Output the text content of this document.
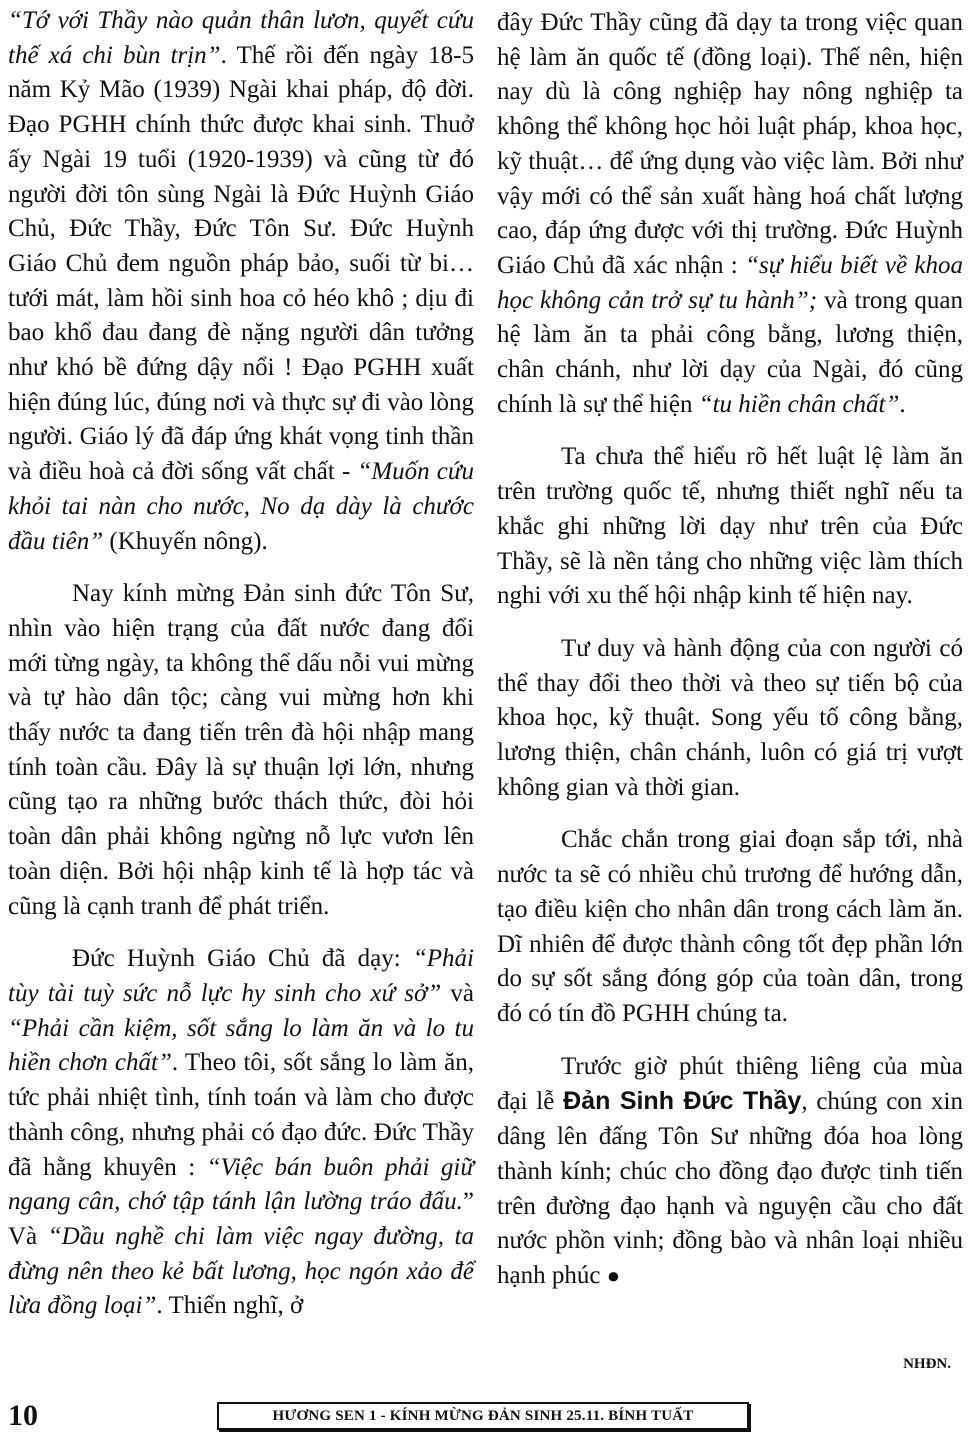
“Tớ với Thầy nào quản thân lươn, quyết cứu thế xá chi bùn trịn”. Thế rồi đến ngày 18-5 năm Kỷ Mão (1939) Ngài khai pháp, độ đời. Đạo PGHH chính thức được khai sinh. Thuở ấy Ngài 19 tuổi (1920-1939) và cũng từ đó người đời tôn sùng Ngài là Đức Huỳnh Giáo Chủ, Đức Thầy, Đức Tôn Sư. Đức Huỳnh Giáo Chủ đem nguồn pháp bảo, suối từ bi… tưới mát, làm hồi sinh hoa cỏ héo khô ; dịu đi bao khổ đau đang đè nặng người dân tưởng như khó bề đứng dậy nổi ! Đạo PGHH xuất hiện đúng lúc, đúng nơi và thực sự đi vào lòng người. Giáo lý đã đáp ứng khát vọng tinh thần và điều hoà cả đời sống vất chất - “Muốn cứu khỏi tai nàn cho nước, No dạ dày là chước đầu tiên” (Khuyến nông).

Nay kính mừng Đản sinh đức Tôn Sư, nhìn vào hiện trạng của đất nước đang đổi mới từng ngày, ta không thể dấu nỗi vui mừng và tự hào dân tộc; càng vui mừng hơn khi thấy nước ta đang tiến trên đà hội nhập mang tính toàn cầu. Đây là sự thuận lợi lớn, nhưng cũng tạo ra những bước thách thức, đòi hỏi toàn dân phải không ngừng nỗ lực vươn lên toàn diện. Bởi hội nhập kinh tế là hợp tác và cũng là cạnh tranh để phát triển.

Đức Huỳnh Giáo Chủ đã dạy: “Phải tùy tài tuỳ sức nỗ lực hy sinh cho xứ sở” và “Phải cần kiệm, sốt sắng lo làm ăn và lo tu hiền chơn chất”. Theo tôi, sốt sắng lo làm ăn, tức phải nhiệt tình, tính toán và làm cho được thành công, nhưng phải có đạo đức. Đức Thầy đã hằng khuyên : “Việc bán buôn phải giữ ngang cân, chớ tập tánh lận lường tráo đấu.” Và “Dầu nghề chi làm việc ngay đường, ta đừng nên theo kẻ bất lương, học ngón xảo để lừa đồng loại”. Thiển nghĩ, ở

đây Đức Thầy cũng đã dạy ta trong việc quan hệ làm ăn quốc tế (đồng loại). Thế nên, hiện nay dù là công nghiệp hay nông nghiệp ta không thể không học hỏi luật pháp, khoa học, kỹ thuật… để ứng dụng vào việc làm. Bởi như vậy mới có thể sản xuất hàng hoá chất lượng cao, đáp ứng được với thị trường. Đức Huỳnh Giáo Chủ đã xác nhận : “sự hiểu biết về khoa học không cản trở sự tu hành”; và trong quan hệ làm ăn ta phải công bằng, lương thiện, chân chánh, như lời dạy của Ngài, đó cũng chính là sự thể hiện “tu hiền chân chất”.

Ta chưa thể hiểu rõ hết luật lệ làm ăn trên trường quốc tế, nhưng thiết nghĩ nếu ta khắc ghi những lời dạy như trên của Đức Thầy, sẽ là nền tảng cho những việc làm thích nghi với xu thế hội nhập kinh tế hiện nay.

Tư duy và hành động của con người có thể thay đổi theo thời và theo sự tiến bộ của khoa học, kỹ thuật. Song yếu tố công bằng, lương thiện, chân chánh, luôn có giá trị vượt không gian và thời gian.

Chắc chắn trong giai đoạn sắp tới, nhà nước ta sẽ có nhiều chủ trương để hướng dẫn, tạo điều kiện cho nhân dân trong cách làm ăn. Dĩ nhiên để được thành công tốt đẹp phần lớn do sự sốt sắng đóng góp của toàn dân, trong đó có tín đồ PGHH chúng ta.

Trước giờ phút thiêng liêng của mùa đại lễ Đản Sinh Đức Thầy, chúng con xin dâng lên đấng Tôn Sư những đóa hoa lòng thành kính; chúc cho đồng đạo được tinh tiến trên đường đạo hạnh và nguyện cầu cho đất nước phồn vinh; đồng bào và nhân loại nhiều hạnh phúc ●

NHĐN.
10	HƯƠNG SEN 1 - KÍNH MỪNG ĐẢN SINH 25.11. BÍNH TUẤT
